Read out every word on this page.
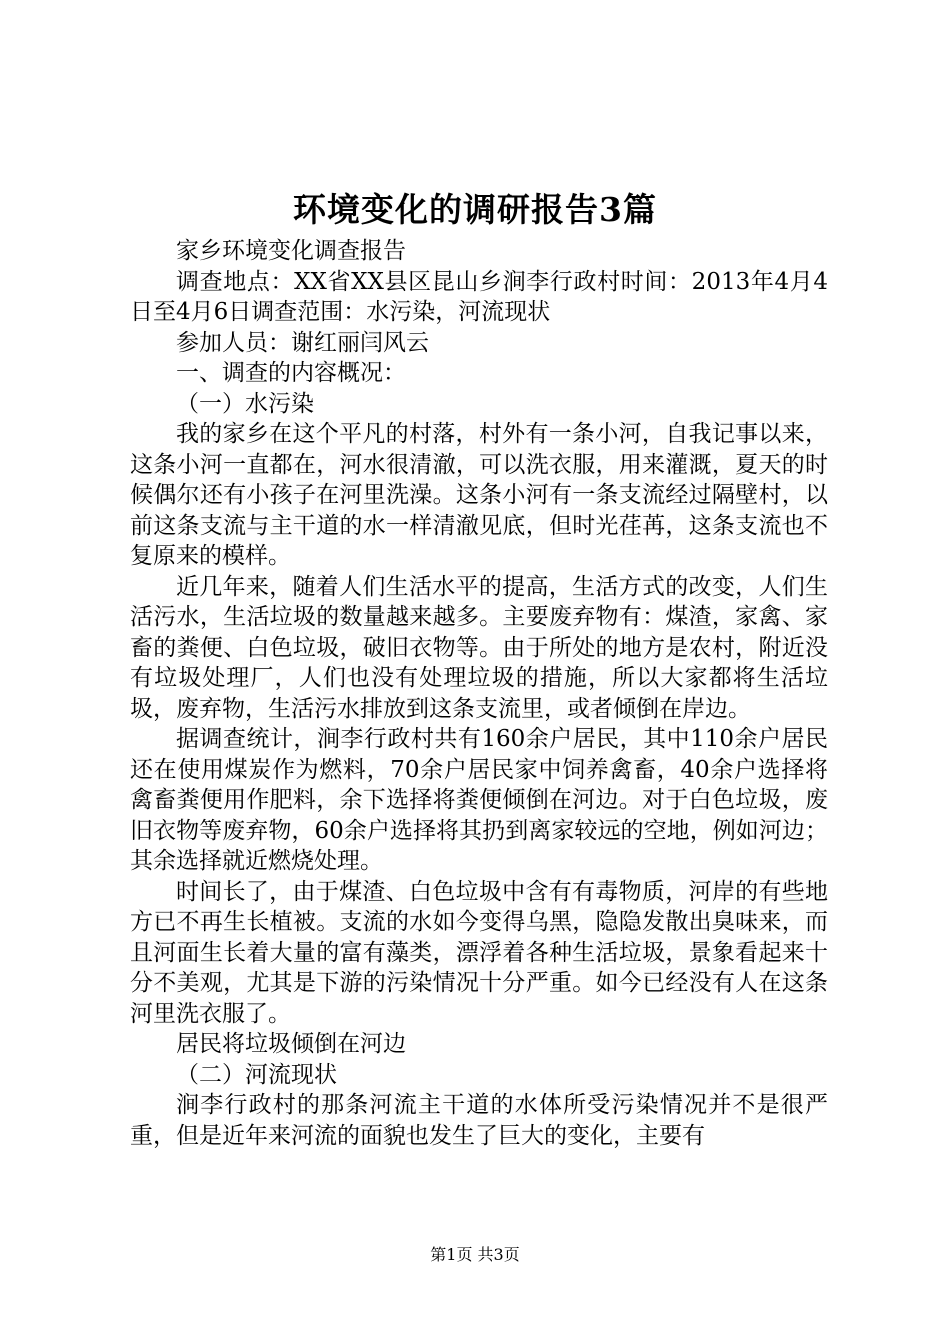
环境变化的调研报告3篇

家乡环境变化调查报告

调查地点：XX省XX县区昆山乡涧李行政村时间：2013年4月4日至4月6日调查范围：水污染，河流现状

参加人员：谢红丽闫风云

一、调查的内容概况：

（一）水污染

我的家乡在这个平凡的村落，村外有一条小河，自我记事以来，这条小河一直都在，河水很清澈，可以洗衣服，用来灌溉，夏天的时候偶尔还有小孩子在河里洗澡。这条小河有一条支流经过隔壁村，以前这条支流与主干道的水一样清澈见底，但时光荏苒，这条支流也不复原来的模样。

近几年来，随着人们生活水平的提高，生活方式的改变，人们生活污水，生活垃圾的数量越来越多。主要废弃物有：煤渣，家禽、家畜的粪便、白色垃圾，破旧衣物等。由于所处的地方是农村，附近没有垃圾处理厂，人们也没有处理垃圾的措施，所以大家都将生活垃圾，废弃物，生活污水排放到这条支流里，或者倾倒在岸边。

据调查统计，涧李行政村共有160余户居民，其中110余户居民还在使用煤炭作为燃料，70余户居民家中饲养禽畜，40余户选择将禽畜粪便用作肥料，余下选择将粪便倾倒在河边。对于白色垃圾，废旧衣物等废弃物，60余户选择将其扔到离家较远的空地，例如河边；其余选择就近燃烧处理。

时间长了，由于煤渣、白色垃圾中含有有毒物质，河岸的有些地方已不再生长植被。支流的水如今变得乌黑，隐隐发散出臭味来，而且河面生长着大量的富有藻类，漂浮着各种生活垃圾，景象看起来十分不美观，尤其是下游的污染情况十分严重。如今已经没有人在这条河里洗衣服了。

居民将垃圾倾倒在河边

（二）河流现状

涧李行政村的那条河流主干道的水体所受污染情况并不是很严重，但是近年来河流的面貌也发生了巨大的变化，主要有

第1页 共3页
